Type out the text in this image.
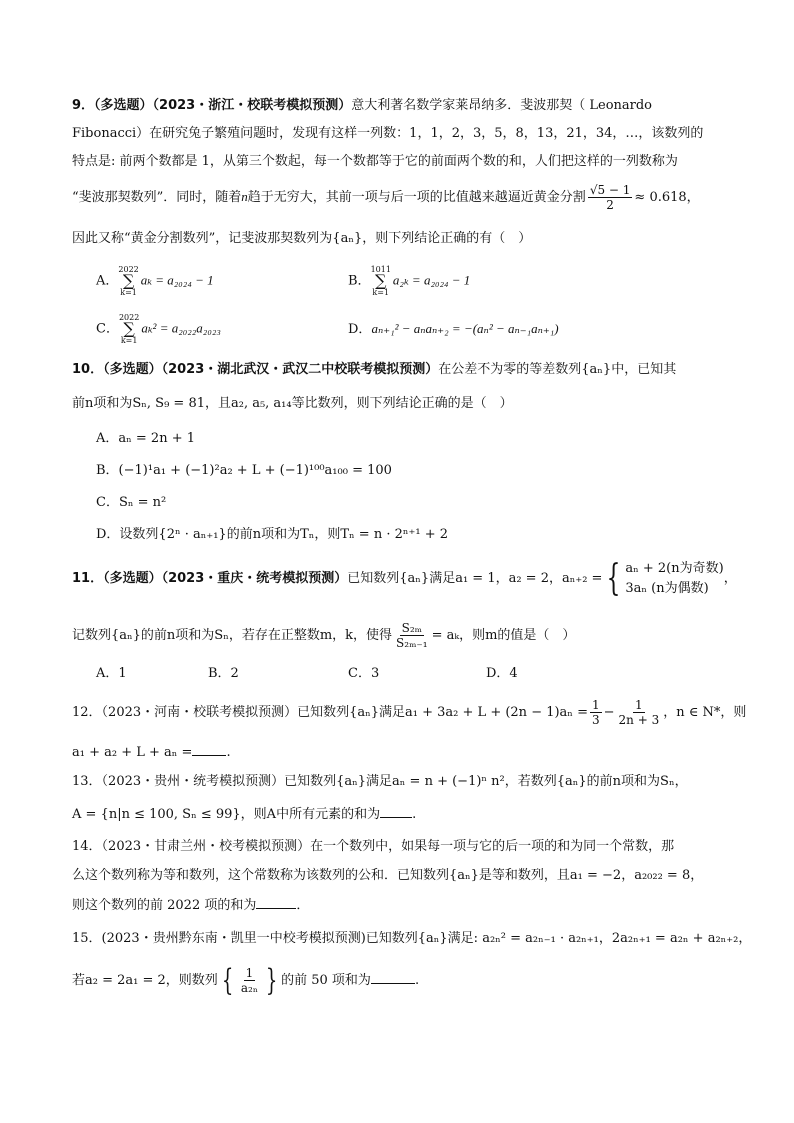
9．（多选题）（2023・浙江・校联考模拟预测）意大利著名数学家莱昂纳多．斐波那契（ Leonardo
Fibonacci）在研究兔子繁殖问题时，发现有这样一列数：1，1，2，3，5，8，13，21，34，…，该数列的
特点是: 前两个数都是 1，从第三个数起，每一个数都等于它的前面两个数的和，人们把这样的一列数称为
“斐波那契数列”．同时，随着n趋于无穷大，其前一项与后一项的比值越来越逼近黄金分割 $\frac{√5 - 1}{2} \approx 0.618$，
因此又称“黄金分割数列”，记斐波那契数列为{aₙ}，则下列结论正确的有（　）
A．
2022
∑
k=1
aₖ = a₂₀₂₄ − 1	B．
1011
∑
k=1
a₂ₖ = a₂₀₂₄ − 1
C．
2022
∑
k=1
aₖ² = a₂₀₂₂a₂₀₂₃	D．aₙ₊₁² − aₙaₙ₊₂ = −(aₙ² − aₙ₋₁aₙ₊₁)
10．（多选题）（2023・湖北武汉・武汉二中校联考模拟预测）在公差不为零的等差数列{aₙ}中，已知其
前n项和为Sₙ, S₉ = 81，且a₂, a₅, a₁₄等比数列，则下列结论正确的是（　）
A．aₙ = 2n + 1
B．(−1)¹a₁ + (−1)²a₂ + L + (−1)¹⁰⁰a₁₀₀ = 100
C．Sₙ = n²
D．设数列{2ⁿ · aₙ₊₁}的前n项和为Tₙ，则Tₙ = n · 2ⁿ⁺¹ + 2
11．（多选题）（2023・重庆・统考模拟预测）已知数列{aₙ}满足a₁ = 1，a₂ = 2，aₙ₊₂ = { aₙ + 2(n为奇数)
3aₙ (n为偶数)
，
记数列{aₙ}的前n项和为Sₙ，若存在正整数m，k，使得 $\frac{\text{S₂ₘ}}{\text{S₂ₘ₋₁}} = a_k$，则m的值是（　）
A．1	B．2	C．3	D．4
12．（2023・河南・校联考模拟预测）已知数列{aₙ}满足$a_1 + 3a_2 + L + (2n - 1)a_n = \frac{1}{3} - \frac{1}{2n + 3}$ ，n ∈ N*，则
a₁ + a₂ + L + aₙ =	.
13．（2023・贵州・统考模拟预测）已知数列{aₙ}满足aₙ = n + (−1)ⁿ n²，若数列{aₙ}的前n项和为Sₙ，
A = {n|n ≤ 100, Sₙ ≤ 99}，则A中所有元素的和为 .
14．（2023・甘肃兰州・校考模拟预测）在一个数列中，如果每一项与它的后一项的和为同一个常数，那
么这个数列称为等和数列，这个常数称为该数列的公和．已知数列{aₙ}是等和数列，且a₁ = −2，a₂₀₂₂ = 8，
则这个数列的前 2022 项的和为	．
15．(2023・贵州黔东南・凯里一中校考模拟预测)已知数列{aₙ}满足: a₂ₙ² = a₂ₙ₋₁ · a₂ₙ₊₁，2a₂ₙ₊₁ = a₂ₙ + a₂ₙ₊₂，
若a₂ = 2a₁ = 2，则数列 { $\frac{1}{\text{a₂ₙ}}$ } 的前 50 项和为	.
